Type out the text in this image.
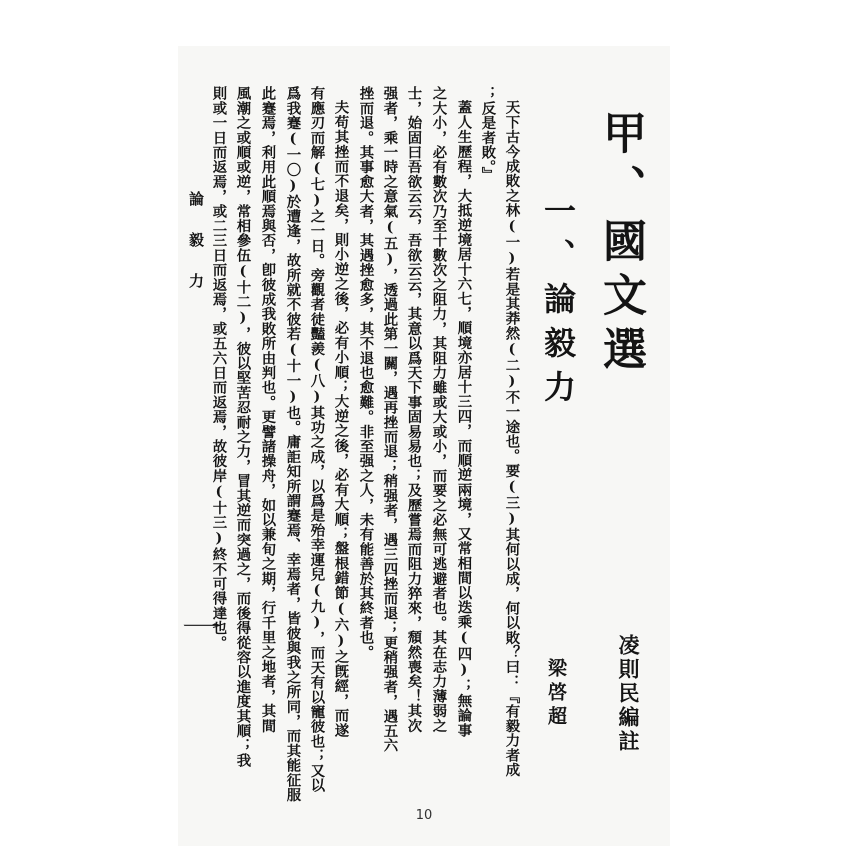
甲、國文選
凌則民編註
一、論毅力
梁啓超
天下古今成敗之林(一)若是其莽然(二)不一途也。要(三)其何以成，何以敗？曰：『有毅力者成
；反是者敗。』
蓋人生歷程，大抵逆境居十六七，順境亦居十三四，而順逆兩境，又常相間以迭乘(四)；無論事
之大小，必有數次乃至十數次之阻力，其阻力雖或大或小，而要之必無可逃避者也。其在志力薄弱之
士，始固曰吾欲云云，吾欲云云，其意以爲天下事固易易也；及歷嘗焉而阻力猝來，頹然喪矣！其次
强者，乘一時之意氣(五)，透過此第一關，遇再挫而退；稍强者，遇三四挫而退；更稍强者，遇五六
挫而退。其事愈大者，其遇挫愈多，其不退也愈難。非至强之人，未有能善於其終者也。
夫苟其挫而不退矣，則小逆之後，必有小順；大逆之後，必有大順；盤根錯節(六)之旣經，而遂
有應刃而解(七)之一日。旁觀者徒豔羨(八)其功之成，以爲是殆幸運兒(九)，而天有以寵彼也；又以
爲我蹇(一〇)於遭逢，故所就不彼若(十一)也。庸詎知所謂蹇焉、幸焉者，皆彼與我之所同，而其能征服
此蹇焉，利用此順焉與否，卽彼成我敗所由判也。更譬諸操舟，如以兼旬之期，行千里之地者，其間
風潮之或順或逆，常相參伍(十二)，彼以堅苦忍耐之力，冒其逆而突過之，而後得從容以進度其順；我
則或一日而返焉，或二三日而返焉，或五六日而返焉，故彼岸(十三)終不可得達也。
論毅力
一
10
